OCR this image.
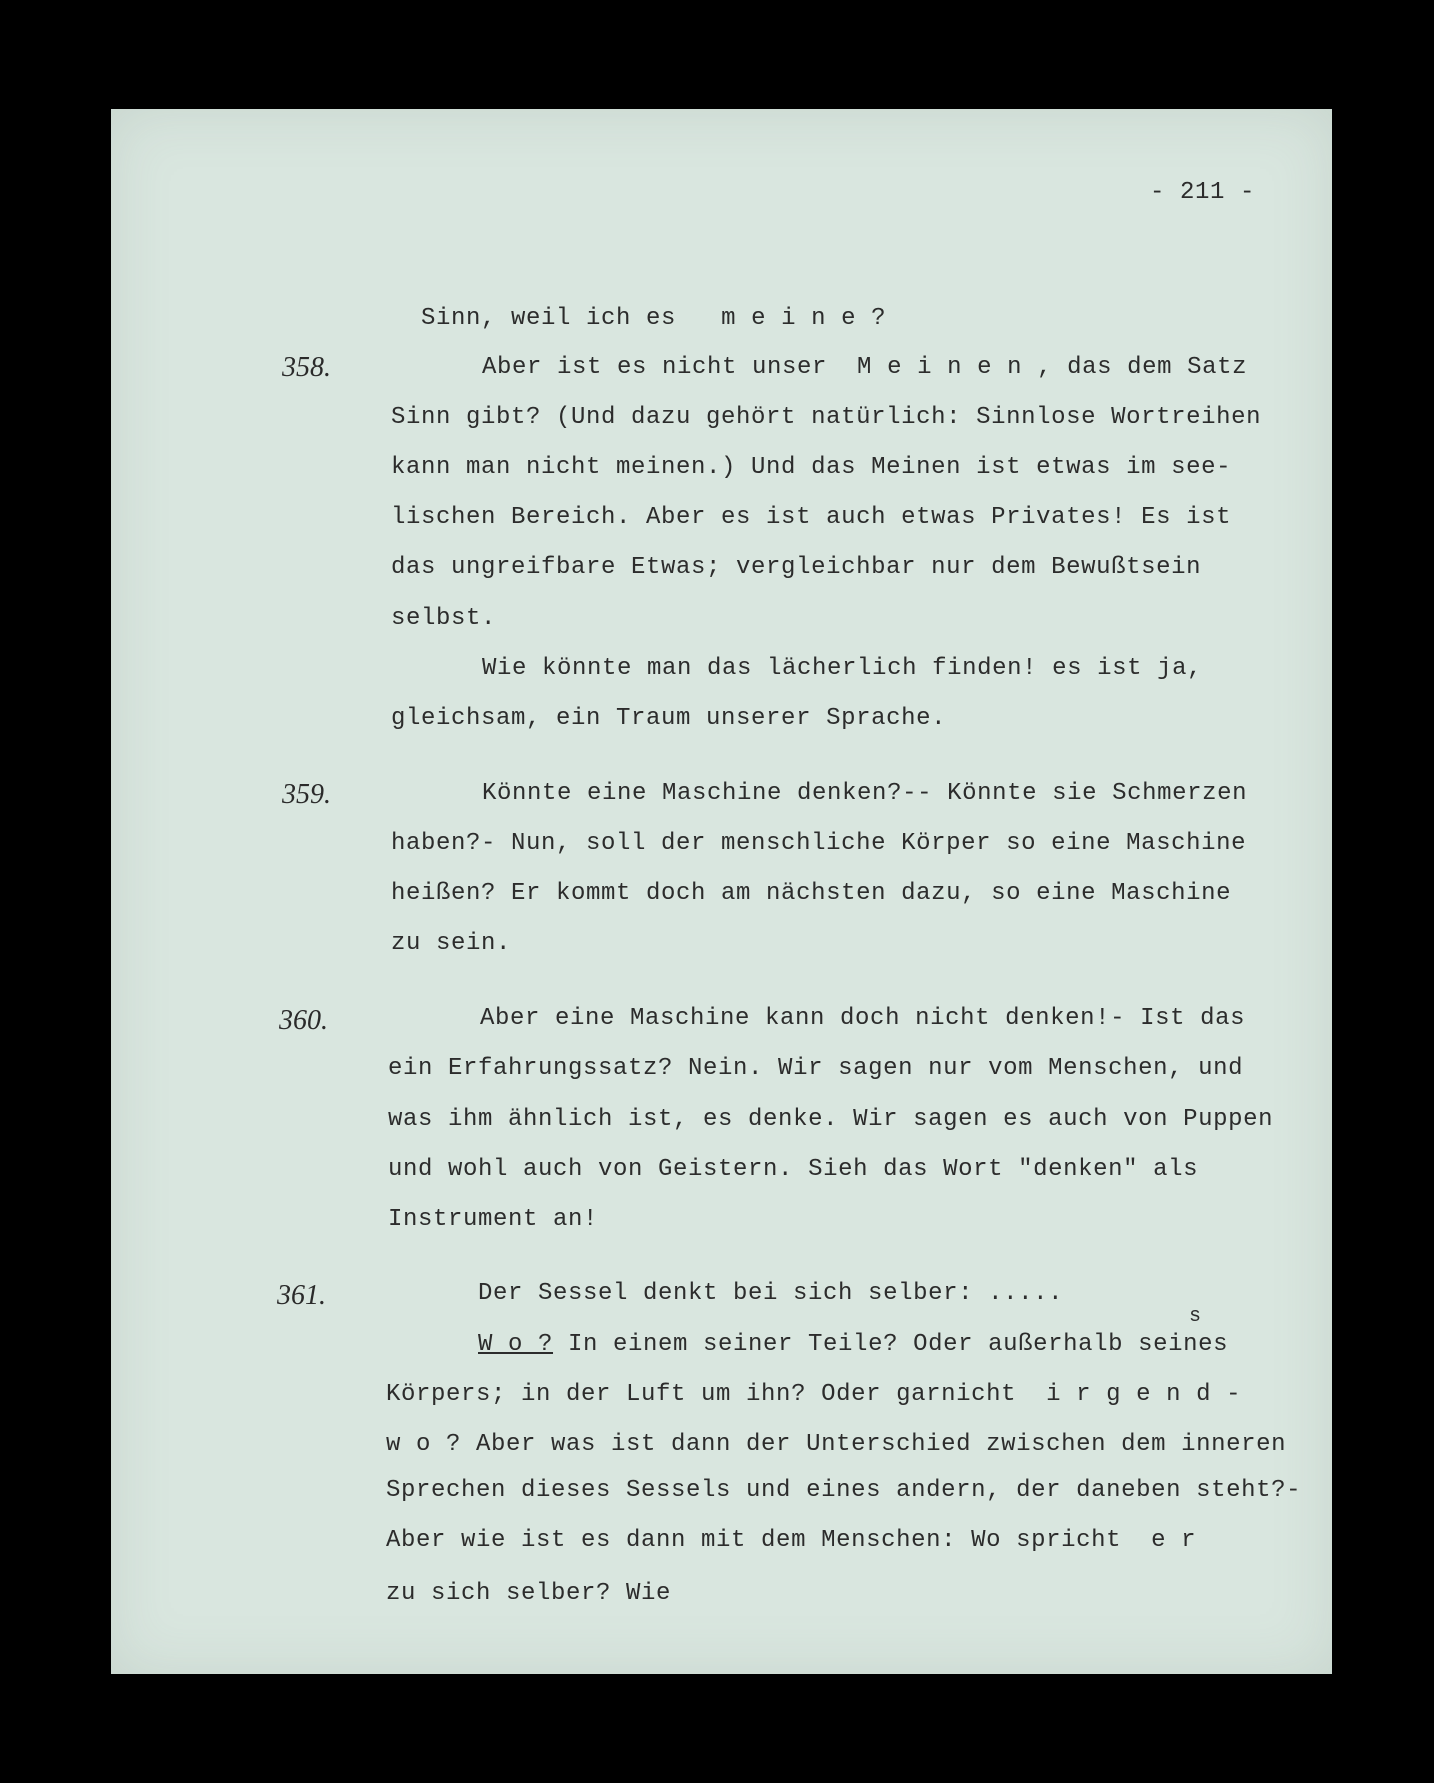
- 211 -

Sinn, weil ich es m e i n e ?

358.	Aber ist es nicht unser  M e i n e n , das dem Satz
Sinn gibt? (Und dazu gehört natürlich: Sinnlose Wortreihen
kann man nicht meinen.) Und das Meinen ist etwas im see-
lischen Bereich. Aber es ist auch etwas Privates! Es ist
das ungreifbare Etwas; vergleichbar nur dem Bewußtsein
selbst.
Wie könnte man das lächerlich finden! es ist ja,
gleichsam, ein Traum unserer Sprache.
359.	Könnte eine Maschine denken?-- Könnte sie Schmerzen
haben?- Nun, soll der menschliche Körper so eine Maschine
heißen? Er kommt doch am nächsten dazu, so eine Maschine
zu sein.
360.	Aber eine Maschine kann doch nicht denken!- Ist das
ein Erfahrungssatz? Nein. Wir sagen nur vom Menschen, und
was ihm ähnlich ist, es denke. Wir sagen es auch von Puppen
und wohl auch von Geistern. Sieh das Wort "denken" als
Instrument an!
361.	Der Sessel denkt bei sich selber: .....
s
W o ? In einem seiner Teile? Oder außerhalb seines
Körpers; in der Luft um ihn? Oder garnicht  i r g e n d -
w o ? Aber was ist dann der Unterschied zwischen dem inneren
Sprechen dieses Sessels und eines andern, der daneben steht?-
Aber wie ist es dann mit dem Menschen: Wo spricht  e r
zu sich selber? Wie
